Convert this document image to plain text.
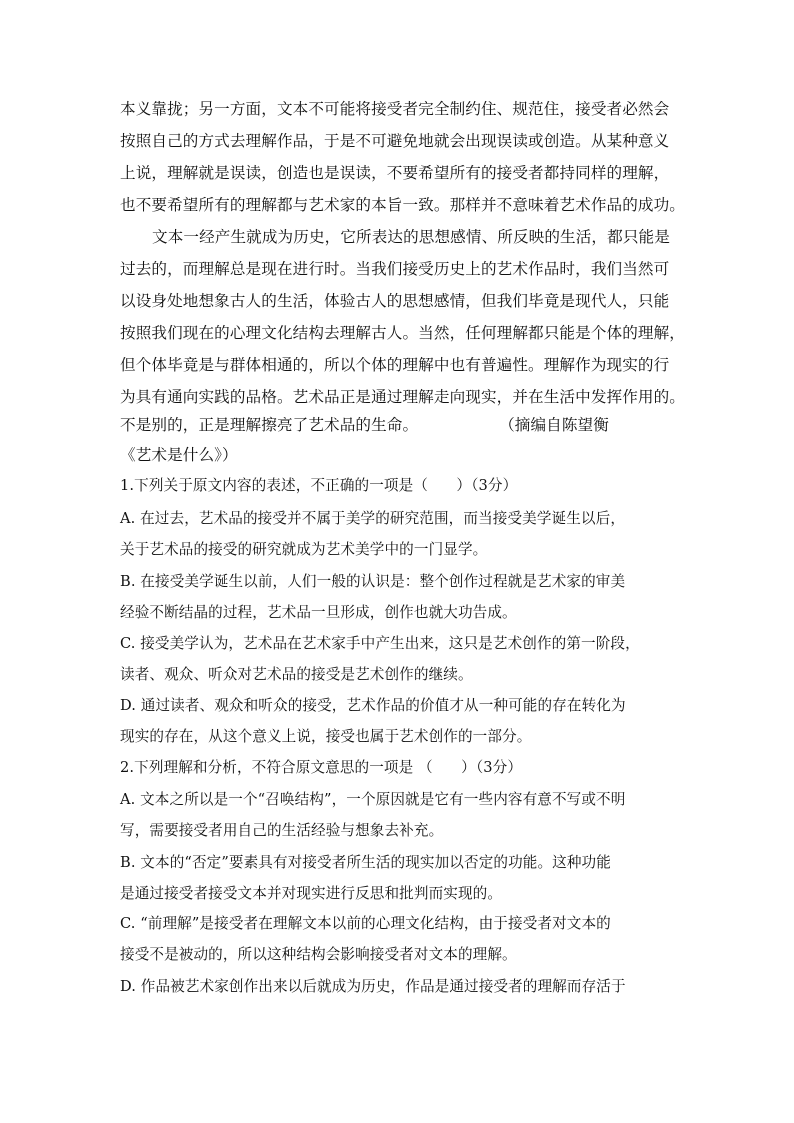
本义靠拢；另一方面，文本不可能将接受者完全制约住、规范住，接受者必然会
按照自己的方式去理解作品，于是不可避免地就会出现误读或创造。从某种意义
上说，理解就是误读，创造也是误读，不要希望所有的接受者都持同样的理解，
也不要希望所有的理解都与艺术家的本旨一致。那样并不意味着艺术作品的成功。
文本一经产生就成为历史，它所表达的思想感情、所反映的生活，都只能是
过去的，而理解总是现在进行时。当我们接受历史上的艺术作品时，我们当然可
以设身处地想象古人的生活，体验古人的思想感情，但我们毕竟是现代人，只能
按照我们现在的心理文化结构去理解古人。当然，任何理解都只能是个体的理解，
但个体毕竟是与群体相通的，所以个体的理解中也有普遍性。理解作为现实的行
为具有通向实践的品格。艺术品正是通过理解走向现实，并在生活中发挥作用的。
不是别的，正是理解擦亮了艺术品的生命。                （摘编自陈望衡
《艺术是什么》）
1.下列关于原文内容的表述，不正确的一项是（      ）（3分）
A. 在过去，艺术品的接受并不属于美学的研究范围，而当接受美学诞生以后，
关于艺术品的接受的研究就成为艺术美学中的一门显学。
B. 在接受美学诞生以前，人们一般的认识是：整个创作过程就是艺术家的审美
经验不断结晶的过程，艺术品一旦形成，创作也就大功告成。
C. 接受美学认为，艺术品在艺术家手中产生出来，这只是艺术创作的第一阶段，
读者、观众、听众对艺术品的接受是艺术创作的继续。
D. 通过读者、观众和听众的接受，艺术作品的价值才从一种可能的存在转化为
现实的存在，从这个意义上说，接受也属于艺术创作的一部分。
2.下列理解和分析，不符合原文意思的一项是 （      ）（3分）
A. 文本之所以是一个“召唤结构”，一个原因就是它有一些内容有意不写或不明
写，需要接受者用自己的生活经验与想象去补充。
B. 文本的“否定”要素具有对接受者所生活的现实加以否定的功能。这种功能
是通过接受者接受文本并对现实进行反思和批判而实现的。
C. “前理解”是接受者在理解文本以前的心理文化结构，由于接受者对文本的
接受不是被动的，所以这种结构会影响接受者对文本的理解。
D. 作品被艺术家创作出来以后就成为历史，作品是通过接受者的理解而存活于
